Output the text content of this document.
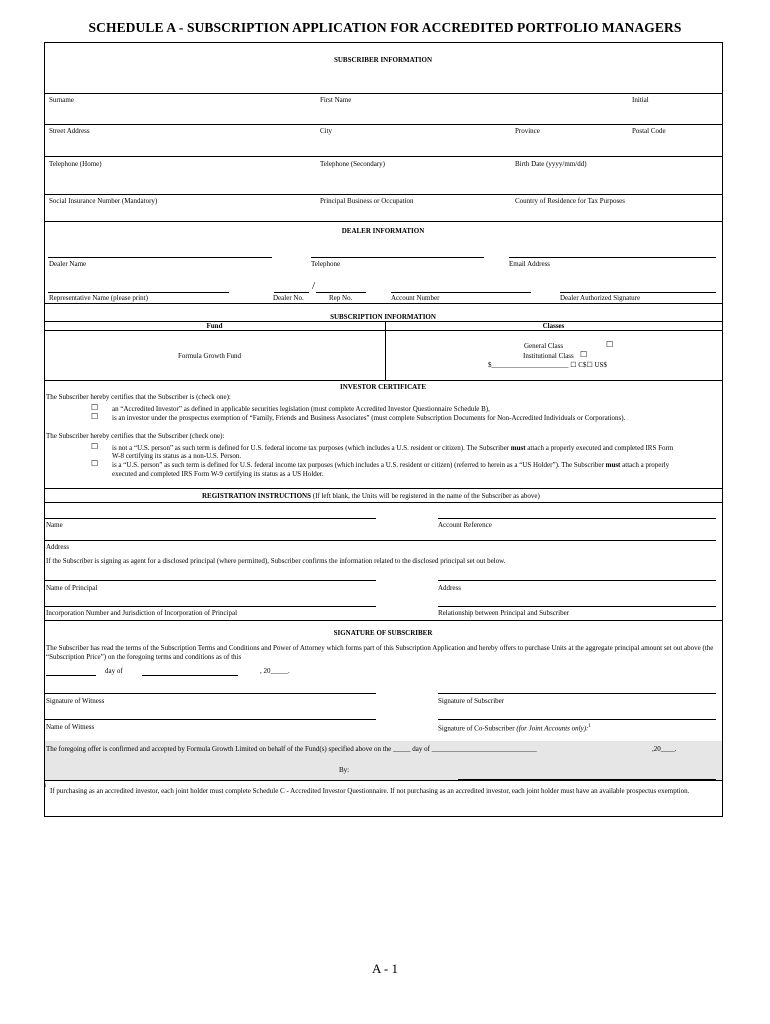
SCHEDULE A - SUBSCRIPTION APPLICATION FOR ACCREDITED PORTFOLIO MANAGERS
SUBSCRIBER INFORMATION
Surname	First Name	Initial
Street Address	City	Province	Postal Code
Telephone (Home)	Telephone (Secondary)	Birth Date (yyyy/mm/dd)
Social Insurance Number (Mandatory)	Principal Business or Occupation	Country of Residence for Tax Purposes
DEALER INFORMATION
Dealer Name	Telephone	Email Address
/
Representative Name (please print)	Dealer No.	Rep No.	Account Number	Dealer Authorized Signature
SUBSCRIPTION INFORMATION
Fund	Classes
Formula Growth Fund
General Class	☐
Institutional Class ☐
$______________________ ☐ C$☐ US$
INVESTOR CERTIFICATE
The Subscriber hereby certifies that the Subscriber is (check one):
☐ an “Accredited Investor” as defined in applicable securities legislation (must complete Accredited Investor Questionnaire Schedule B),
☐ is an investor under the prospectus exemption of “Family, Friends and Business Associates” (must complete Subscription Documents for Non-Accredited Individuals or Corporations).
The Subscriber hereby certifies that the Subscriber (check one):
☐ is not a “U.S. person” as such term is defined for U.S. federal income tax purposes (which includes a U.S. resident or citizen). The Subscriber must attach a properly executed and completed IRS Form
W-8 certifying its status as a non-U.S. Person.
☐ is a “U.S. person” as such term is defined for U.S. federal income tax purposes (which includes a U.S. resident or citizen) (referred to herein as a “US Holder”). The Subscriber must attach a properly
executed and completed IRS Form W-9 certifying its status as a US Holder.
REGISTRATION INSTRUCTIONS (If left blank, the Units will be registered in the name of the Subscriber as above)
Name	Account Reference
Address
If the Subscriber is signing as agent for a disclosed principal (where permitted), Subscriber confirms the information related to the disclosed principal set out below.
Name of Principal	Address
Incorporation Number and Jurisdiction of Incorporation of Principal	Relationship between Principal and Subscriber
SIGNATURE OF SUBSCRIBER
The Subscriber has read the terms of the Subscription Terms and Conditions and Power of Attorney which forms part of this Subscription Application and hereby offers to purchase Units at the aggregate principal amount set out above (the “Subscription Price”) on the foregoing terms and conditions as of this
day of	, 20_____.
Signature of Witness	Signature of Subscriber
Name of Witness	Signature of Co-Subscriber (for Joint Accounts only):$^1$
The foregoing offer is confirmed and accepted by Formula Growth Limited on behalf of the Fund(s) specified above on the _____ day of ______________________________	,20____.
By:
1
If purchasing as an accredited investor, each joint holder must complete Schedule C - Accredited Investor Questionnaire. If not purchasing as an accredited investor, each joint holder must have an available prospectus exemption.
A - 1
